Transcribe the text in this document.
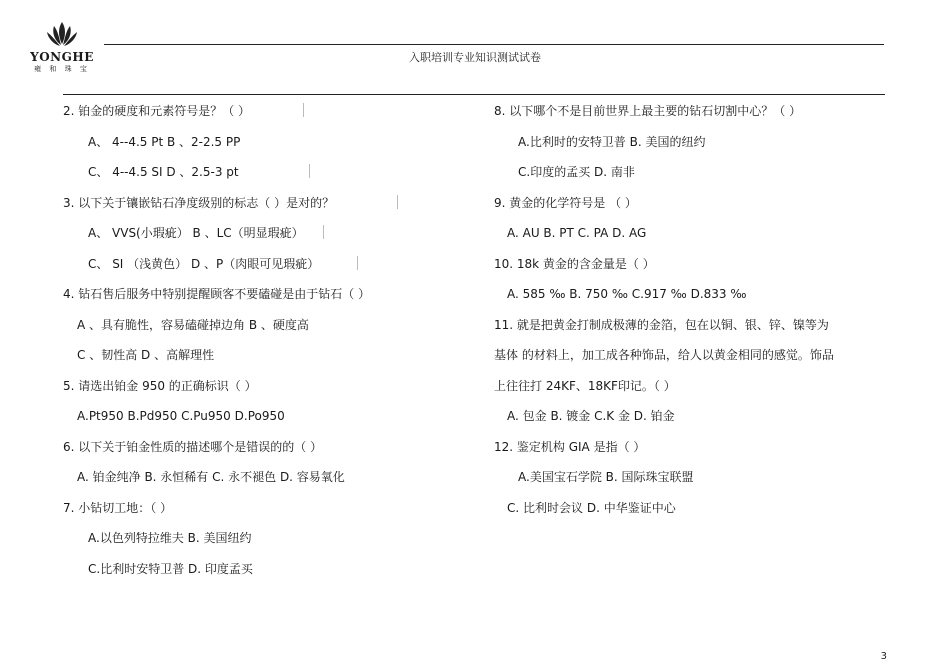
YONGHE
雍 和 珠 宝
入职培训专业知识测试试卷
2. 铂金的硬度和元素符号是？（ ）
A、 4--4.5 Pt B 、2-2.5 PP
C、 4--4.5 SI D 、2.5-3 pt
3. 以下关于镶嵌钻石净度级别的标志（ ）是对的？
A、 VVS(小瑕疵） B 、LC（明显瑕疵）
C、 SI （浅黄色） D 、P（肉眼可见瑕疵）
4. 钻石售后服务中特别提醒顾客不要磕碰是由于钻石（ ）
A 、具有脆性，容易磕碰掉边角 B 、硬度高
C 、韧性高 D 、高解理性
5. 请选出铂金 950 的正确标识（ ）
A.Pt950 B.Pd950 C.Pu950 D.Po950
6. 以下关于铂金性质的描述哪个是错误的的（ ）
A. 铂金纯净 B. 永恒稀有 C. 永不褪色 D. 容易氧化
7. 小钻切工地：（ ）
A.以色列特拉维夫 B. 美国纽约
C.比利时安特卫普 D. 印度孟买
8. 以下哪个不是目前世界上最主要的钻石切割中心？（ ）
A.比利时的安特卫普 B. 美国的纽约
C.印度的孟买 D. 南非
9. 黄金的化学符号是 （ ）
A. AU B. PT C. PA D. AG
10. 18k 黄金的含金量是（ ）
A. 585 ‰ B. 750 ‰ C.917 ‰ D.833 ‰
11. 就是把黄金打制成极薄的金箔，包在以铜、银、锌、镍等为
基体 的材料上，加工成各种饰品，给人以黄金相同的感觉。饰品
上往往打 24KF、18KF印记。（ ）
A. 包金 B. 镀金 C.K 金 D. 铂金
12. 鉴定机构 GIA 是指（ ）
A.美国宝石学院 B. 国际珠宝联盟
C. 比利时会议 D. 中华鉴证中心
3
